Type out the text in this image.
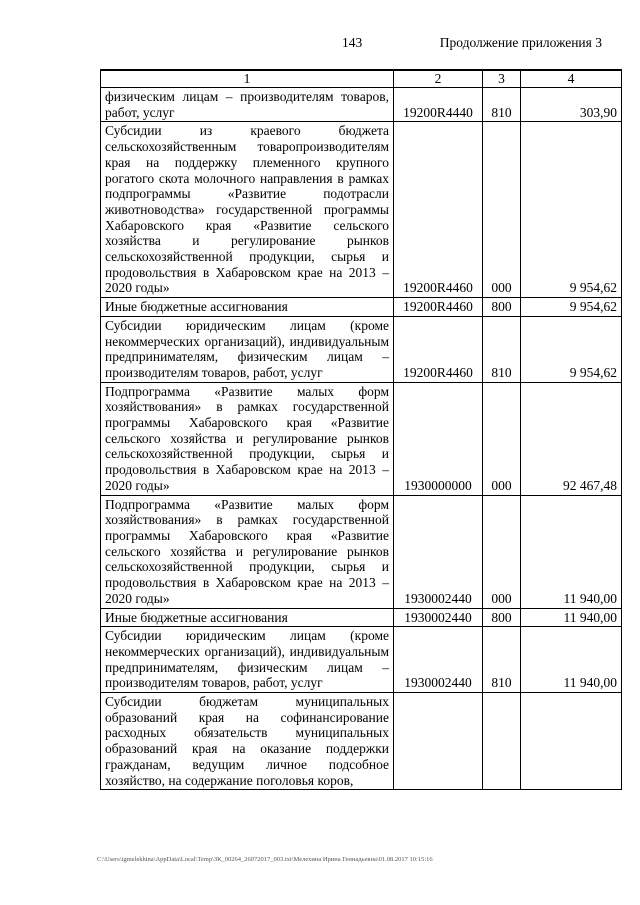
143	Продолжение приложения 3
1	2	3	4
физическим лицам – производителям товаров, работ, услуг	19200R4440	810	303,90
Субсидии из краевого бюджета сельскохозяйственным товаропроизводителям края на поддержку племенного крупного рогатого скота молочного направления в рамках подпрограммы «Развитие подотрасли животноводства» государственной программы Хабаровского края «Развитие сельского хозяйства и регулирование рынков сельскохозяйственной продукции, сырья и продовольствия в Хабаровском крае на 2013 – 2020 годы»	19200R4460	000	9 954,62
Иные бюджетные ассигнования	19200R4460	800	9 954,62
Субсидии юридическим лицам (кроме некоммерческих организаций), индивидуальным предпринимателям, физическим лицам – производителям товаров, работ, услуг	19200R4460	810	9 954,62
Подпрограмма «Развитие малых форм хозяйствования» в рамках государственной программы Хабаровского края «Развитие сельского хозяйства и регулирование рынков сельскохозяйственной продукции, сырья и продовольствия в Хабаровском крае на 2013 – 2020 годы»	1930000000	000	92 467,48
Подпрограмма «Развитие малых форм хозяйствования» в рамках государственной программы Хабаровского края «Развитие сельского хозяйства и регулирование рынков сельскохозяйственной продукции, сырья и продовольствия в Хабаровском крае на 2013 – 2020 годы»	1930002440	000	11 940,00
Иные бюджетные ассигнования	1930002440	800	11 940,00
Субсидии юридическим лицам (кроме некоммерческих организаций), индивидуальным предпринимателям, физическим лицам – производителям товаров, работ, услуг	1930002440	810	11 940,00
Субсидии бюджетам муниципальных образований края на софинансирование расходных обязательств муниципальных образований края на оказание поддержки гражданам, ведущим личное подсобное хозяйство, на содержание поголовья коров,			
C:\Users\igmelekhina\AppData\Local\Temp\ЗК_00264_26072017_003.txt\Мелехина Ирина Геннадьевна\01.08.2017 10:15:16
